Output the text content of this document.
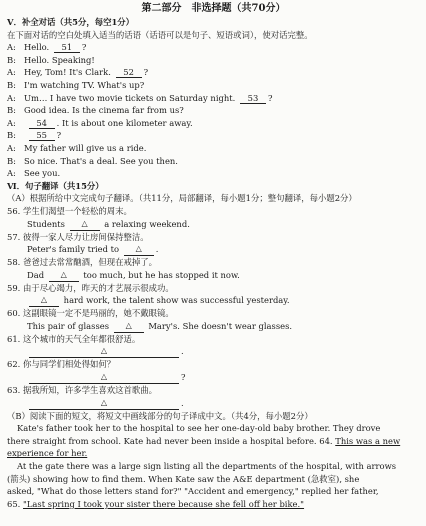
第二部分　非选择题（共70分）
Ⅴ．补全对话（共5分，每空1分）
在下面对话的空白处填入适当的话语（话语可以是句子、短语或词），使对话完整。
A: Hello. 51 ?
B: Hello. Speaking!
A: Hey, Tom! It's Clark. 52 ?
B: I'm watching TV. What's up?
A: Um… I have two movie tickets on Saturday night. 53 ?
B: Good idea. Is the cinema far from us?
A: 54 . It is about one kilometer away.
B: 55 ?
A: My father will give us a ride.
B: So nice. That's a deal. See you then.
A: See you.
Ⅵ．句子翻译（共15分）
（A）根据所给中文完成句子翻译。（共11分，局部翻译，每小题1分；整句翻译，每小题2分）
56. 学生们渴望一个轻松的周末。
Students △ a relaxing weekend.
57. 彼得一家人尽力让房间保持整洁。
Peter's family tried to △ .
58. 爸爸过去常常酗酒，但现在戒掉了。
Dad △ too much, but he has stopped it now.
59. 由于尽心竭力，昨天的才艺展示很成功。
△ hard work, the talent show was successful yesterday.
60. 这副眼镜一定不是玛丽的，她不戴眼镜。
This pair of glasses △ Mary's. She doesn't wear glasses.
61. 这个城市的天气全年都很舒适。
△	.
62. 你与同学们相处得如何？
△	?
63. 据我所知，许多学生喜欢这首歌曲。
△	.
（B）阅读下面的短文，将短文中画线部分的句子译成中文。（共4分，每小题2分）
Kate's father took her to the hospital to see her one-day-old baby brother. They drove
there straight from school. Kate had never been inside a hospital before. 64. This was a new
experience for her.
At the gate there was a large sign listing all the departments of the hospital, with arrows
(箭头) showing how to find them. When Kate saw the A&E department (急救室), she
asked, "What do those letters stand for?" "Accident and emergency," replied her father,
65. "Last spring I took your sister there because she fell off her bike."
